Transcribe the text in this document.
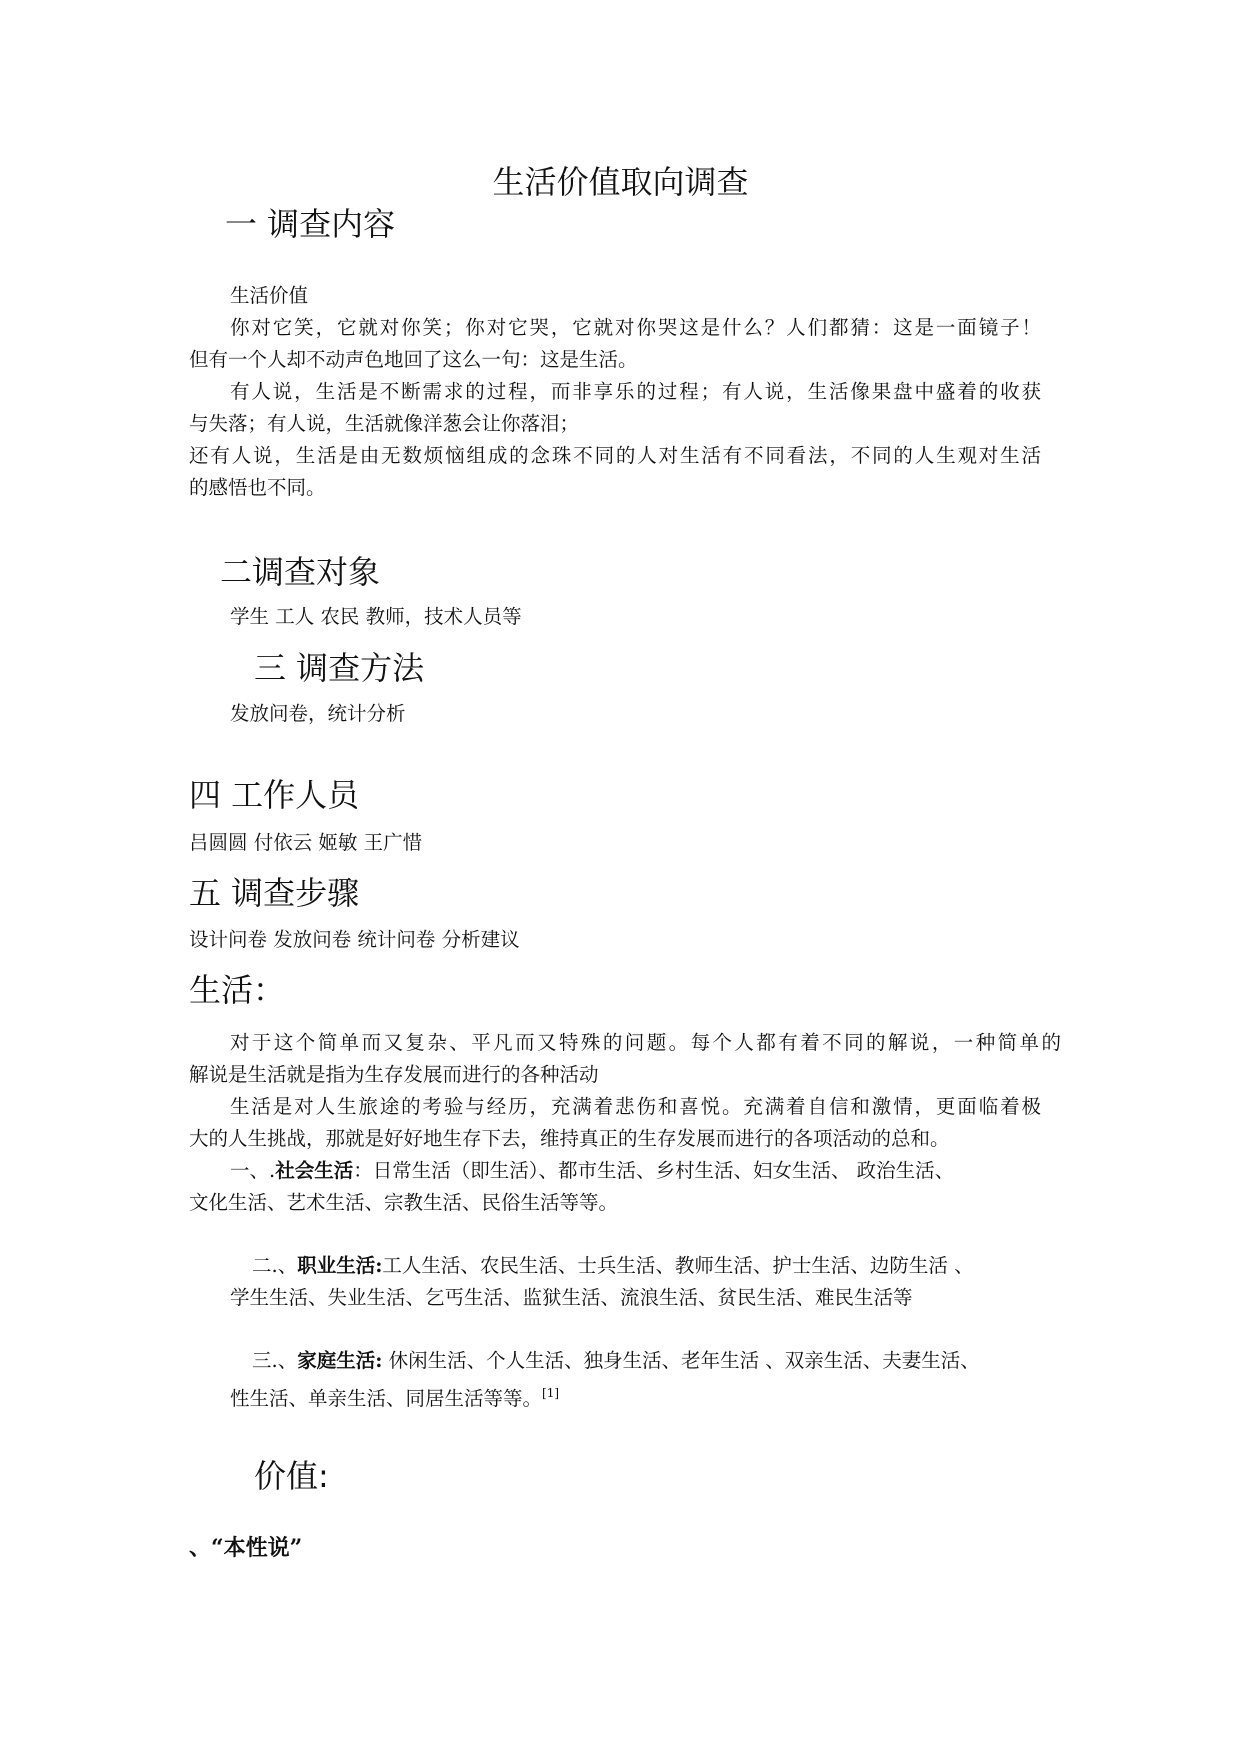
生活价值取向调查
一 调查内容
生活价值
你对它笑，它就对你笑；你对它哭，它就对你哭这是什么？人们都猜：这是一面镜子！
但有一个人却不动声色地回了这么一句：这是生活。
有人说，生活是不断需求的过程，而非享乐的过程；有人说，生活像果盘中盛着的收获
与失落；有人说，生活就像洋葱会让你落泪；
还有人说，生活是由无数烦恼组成的念珠不同的人对生活有不同看法，不同的人生观对生活
的感悟也不同。
二调查对象
学生 工人 农民 教师，技术人员等
三 调查方法
发放问卷，统计分析
四 工作人员
吕圆圆 付依云 姬敏 王广惜
五 调查步骤
设计问卷 发放问卷 统计问卷 分析建议
生活：
对于这个简单而又复杂、平凡而又特殊的问题。每个人都有着不同的解说，一种简单的
解说是生活就是指为生存发展而进行的各种活动
生活是对人生旅途的考验与经历，充满着悲伤和喜悦。充满着自信和激情，更面临着极
大的人生挑战，那就是好好地生存下去，维持真正的生存发展而进行的各项活动的总和。
一、.社会生活：日常生活（即生活）、都市生活、乡村生活、妇女生活、 政治生活、
文化生活、艺术生活、宗教生活、民俗生活等等。
二.、职业生活:工人生活、农民生活、士兵生活、教师生活、护士生活、边防生活 、
学生生活、失业生活、乞丐生活、监狱生活、流浪生活、贫民生活、难民生活等
三.、家庭生活: 休闲生活、个人生活、独身生活、老年生活 、双亲生活、夫妻生活、
性生活、单亲生活、同居生活等等。[1]
价值:
、“本性说”
